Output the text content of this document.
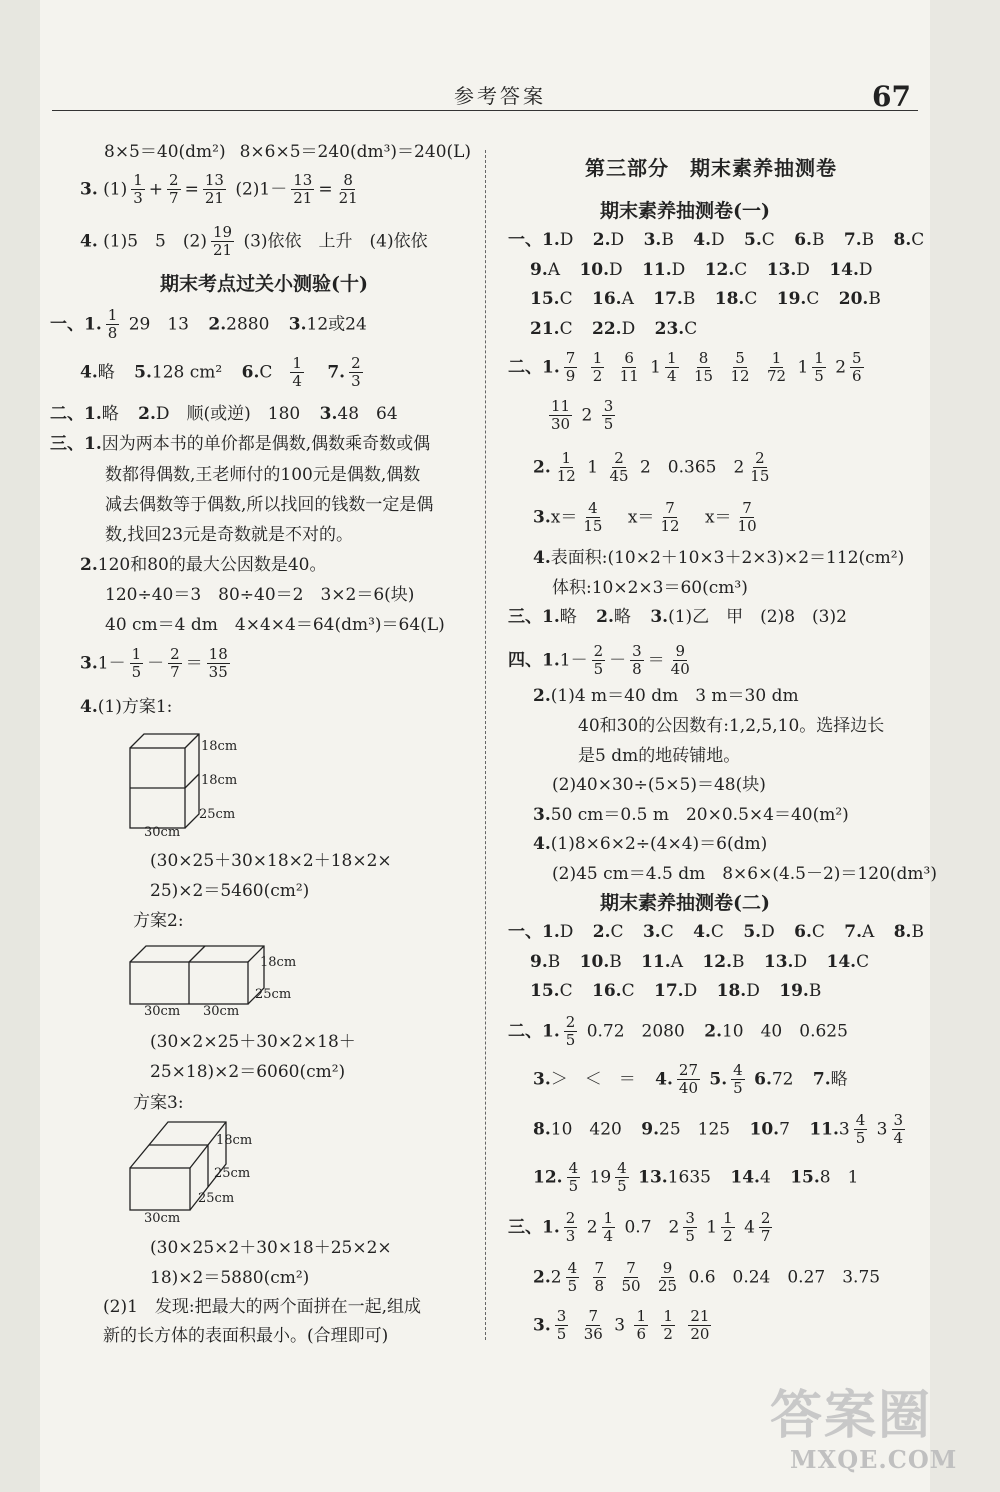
参考答案	67
8×5＝40(dm²) 8×6×5＝240(dm³)＝240(L)
3. $(1) \frac{1}{3} + \frac{2}{7} = \frac{13}{21} (2)1- \frac{13}{21} = \frac{8}{21}$
4. (1)5　5　$(2) \frac{19}{21} (3)$依依　上升　(4)依依
期末考点过关小测验(十)
一、1. $\frac{1}{8} 29$　13 2.2880 3.12或24
4.略 5.128 cm² $6.C \frac{1}{4} 7$. $\frac{2}{3}$
二、1.略 2.D　顺(或逆)　180 3.48　64
三、1.因为两本书的单价都是偶数,偶数乘奇数或偶
数都得偶数,王老师付的100元是偶数,偶数
减去偶数等于偶数,所以找回的钱数一定是偶
数,找回23元是奇数就是不对的。
2.120和80的最大公因数是40。
120÷40＝3　80÷40＝2　3×2＝6(块)
40 cm＝4 dm　4×4×4＝64(dm³)＝64(L)
$3.1- \frac{1}{5} - \frac{2}{7} = \frac{18}{35}$
4.(1)方案1:
18cm
18cm
25cm
30cm
(30×25＋30×18×2＋18×2×
25)×2＝5460(cm²)
方案2:
18cm
25cm
30cm 30cm
(30×2×25＋30×2×18＋
25×18)×2＝6060(cm²)
方案3:
18cm
25cm
25cm
30cm
(30×25×2＋30×18＋25×2×
18)×2＝5880(cm²)
(2)1　发现:把最大的两个面拼在一起,组成
新的长方体的表面积最小。(合理即可)
第三部分　期末素养抽测卷
期末素养抽测卷(一)
一、1.D 2.D 3.B 4.D 5.C 6.B 7.B 8.C
9.A 10.D 11.D 12.C 13.D 14.D
15.C 16.A 17.B 18.C 19.C 20.B
21.C 22.D 23.C
二、1. $\frac{7}{9}$
$\frac{1}{2}$
$\frac{6}{11} 1 \frac{1}{4}$
$\frac{8}{15}$
$\frac{5}{12}$
$\frac{1}{72} 1 \frac{1}{5} 2 \frac{5}{6}$
$\frac{11}{30} 2 \frac{3}{5}$
2. $\frac{1}{12} 1 \frac{2}{45} 2$　0.365　$2 \frac{2}{15}$
$3.x= \frac{4}{15} x= \frac{7}{12} x= \frac{7}{10}$
4.表面积:(10×2＋10×3＋2×3)×2＝112(cm²)
体积:10×2×3＝60(cm³)
三、1.略 2.略 3.(1)乙　甲　(2)8　(3)2
四、$1.1- \frac{2}{5} - \frac{3}{8} = \frac{9}{40}$
2.(1)4 m＝40 dm　3 m＝30 dm
40和30的公因数有:1,2,5,10。选择边长
是5 dm的地砖铺地。
(2)40×30÷(5×5)＝48(块)
3.50 cm＝0.5 m　20×0.5×4＝40(m²)
4.(1)8×6×2÷(4×4)＝6(dm)
(2)45 cm＝4.5 dm　8×6×(4.5－2)＝120(dm³)
期末素养抽测卷(二)
一、1.D 2.C 3.C 4.C 5.D 6.C 7.A 8.B
9.B 10.B 11.A 12.B 13.D 14.C
15.C 16.C 17.D 18.D 19.B
二、1. $\frac{2}{5} 0.72$　2080 2.10　40　0.625
3.＞　＜　＝ 4. $\frac{27}{40} 5$. $\frac{4}{5} 6.72$ 7.略
8.10　420 9.25　125 10.7 $11.3 \frac{4}{5} 3 \frac{3}{4}$
12. $\frac{4}{5} 19 \frac{4}{5} 13.1635$ 14.4 15.8　1
三、1. $\frac{2}{3} 2 \frac{1}{4} 0.7$　$2 \frac{3}{5} 1 \frac{1}{2} 4 \frac{2}{7}$
$2.2 \frac{4}{5}$
$\frac{7}{8}$
$\frac{7}{50}$
$\frac{9}{25} 0.6$　0.24　0.27　3.75
3. $\frac{3}{5}$
$\frac{7}{36} 3 \frac{1}{6}$
$\frac{1}{2}$
$\frac{21}{20}$
答案圈
MXQE.COM
